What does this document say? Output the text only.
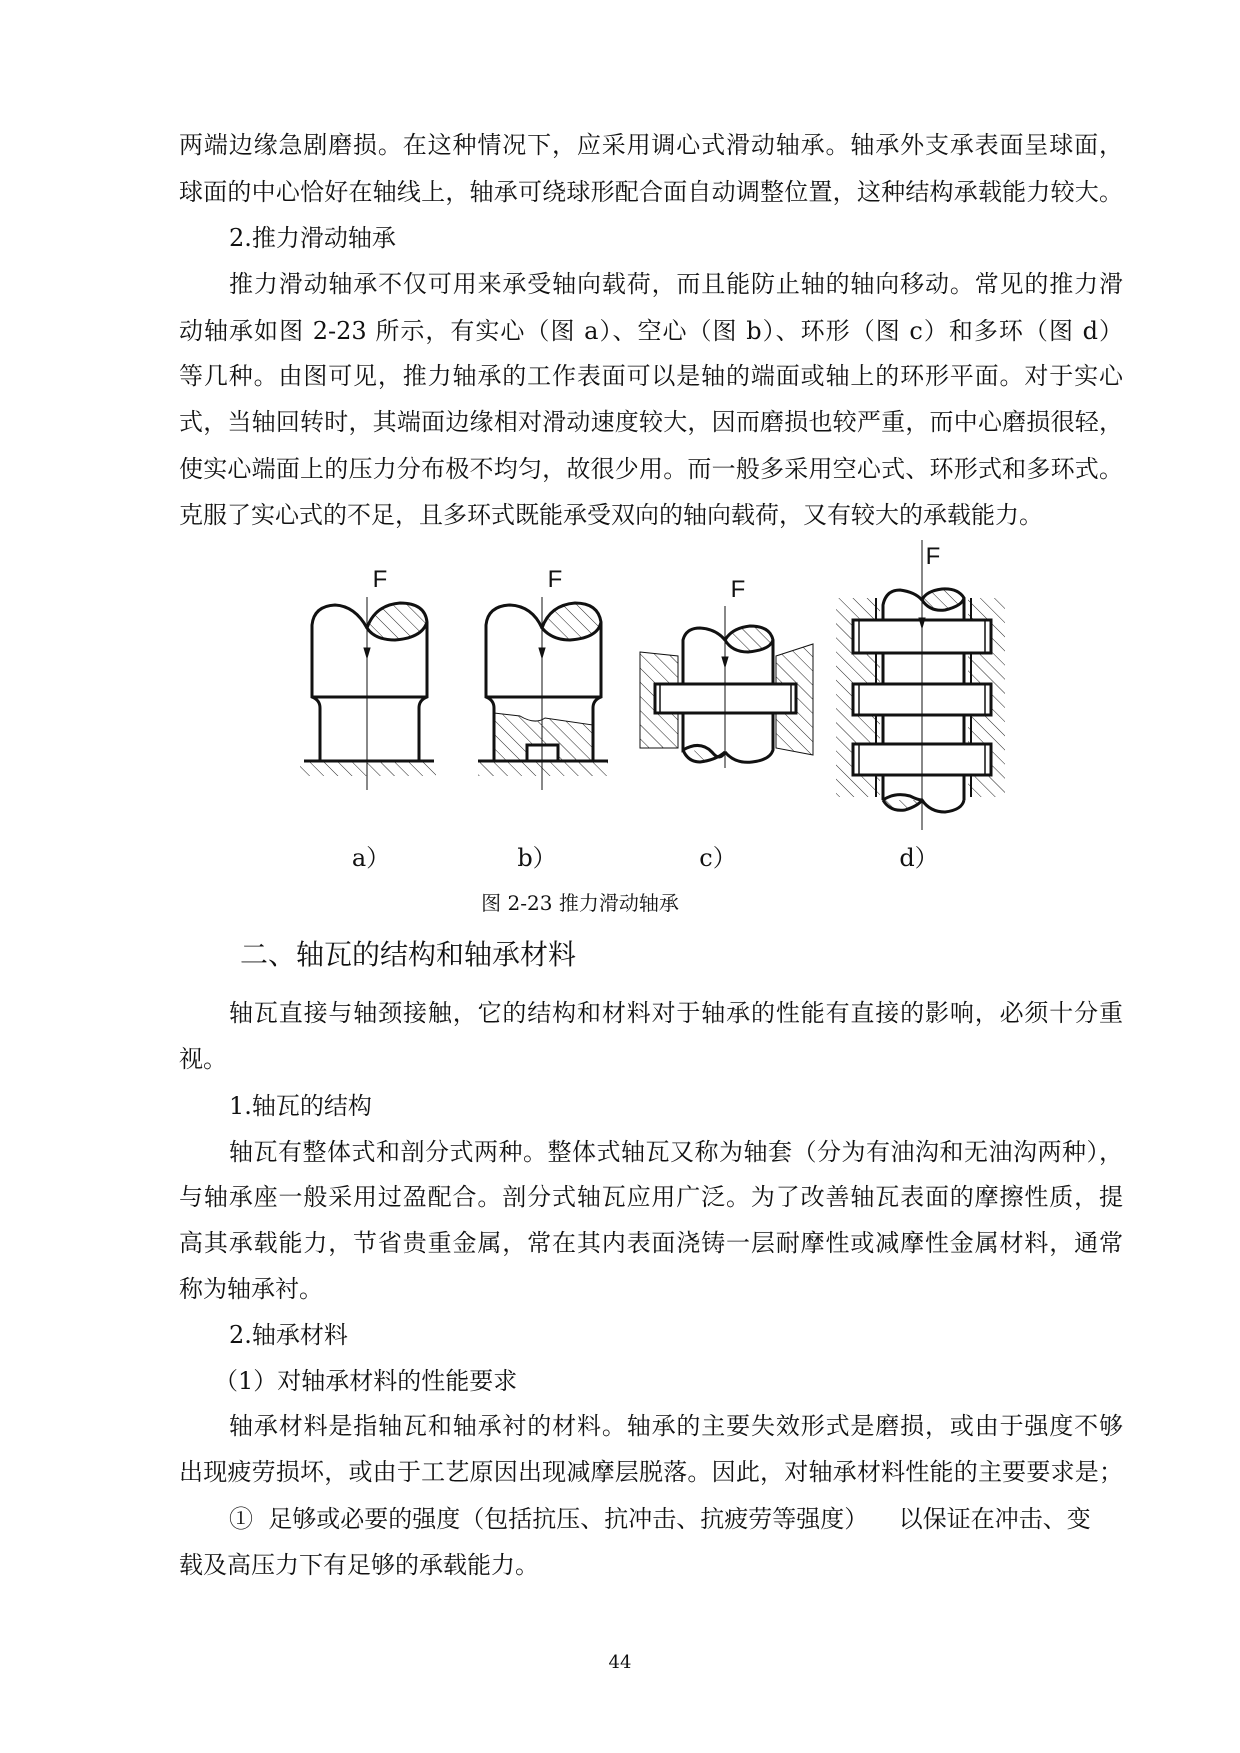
两端边缘急剧磨损。在这种情况下，应采用调心式滑动轴承。轴承外支承表面呈球面，
球面的中心恰好在轴线上，轴承可绕球形配合面自动调整位置，这种结构承载能力较大。
2.推力滑动轴承
推力滑动轴承不仅可用来承受轴向载荷，而且能防止轴的轴向移动。常见的推力滑
动轴承如图 2-23 所示，有实心（图 a）、空心（图 b）、环形（图 c）和多环（图 d）
等几种。由图可见，推力轴承的工作表面可以是轴的端面或轴上的环形平面。对于实心
式，当轴回转时，其端面边缘相对滑动速度较大，因而磨损也较严重，而中心磨损很轻，
使实心端面上的压力分布极不均匀，故很少用。而一般多采用空心式、环形式和多环式。
克服了实心式的不足，且多环式既能承受双向的轴向载荷，又有较大的承载能力。
F	F	F
F
a）	b）	c）	d）
图 2-23 推力滑动轴承
二、轴瓦的结构和轴承材料
轴瓦直接与轴颈接触，它的结构和材料对于轴承的性能有直接的影响，必须十分重
视。
1.轴瓦的结构
轴瓦有整体式和剖分式两种。整体式轴瓦又称为轴套（分为有油沟和无油沟两种），
与轴承座一般采用过盈配合。剖分式轴瓦应用广泛。为了改善轴瓦表面的摩擦性质，提
高其承载能力，节省贵重金属，常在其内表面浇铸一层耐摩性或减摩性金属材料，通常
称为轴承衬。
2.轴承材料
（1）对轴承材料的性能要求
轴承材料是指轴瓦和轴承衬的材料。轴承的主要失效形式是磨损，或由于强度不够
出现疲劳损坏，或由于工艺原因出现减摩层脱落。因此，对轴承材料性能的主要要求是；
①  足够或必要的强度（包括抗压、抗冲击、抗疲劳等强度）    以保证在冲击、变
载及高压力下有足够的承载能力。
44
